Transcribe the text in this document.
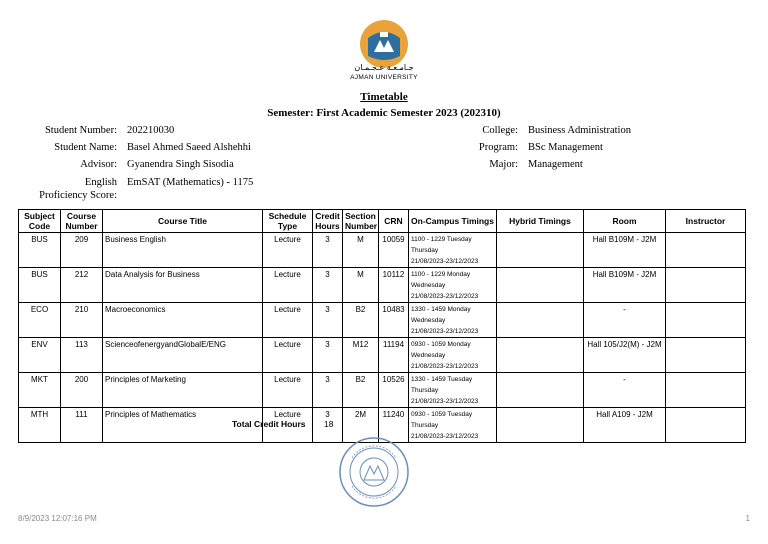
جـامـعـة عـجـمـان
AJMAN UNIVERSITY
Timetable
Semester: First Academic Semester 2023 (202310)
Student Number: 202210030
Student Name: Basel Ahmed Saeed Alshehhi
Advisor: Gyanendra Singh Sisodia
English
Proficiency Score:
EmSAT (Mathematics) - 1175
College: Business Administration
Program: BSc Management
Major: Management
Subject Code	Course Number	Course Title	Schedule Type	Credit Hours	Section Number	CRN	On-Campus Timings	Hybrid Timings	Room	Instructor
BUS	209	Business English	Lecture	3	M	10059	1100 - 1229 Tuesday
Thursday
21/08/2023-23/12/2023		Hall B109M - J2M	
BUS	212	Data Analysis for Business	Lecture	3	M	10112	1100 - 1229 Monday
Wednesday
21/08/2023-23/12/2023		Hall B109M - J2M	
ECO	210	Macroeconomics	Lecture	3	B2	10483	1330 - 1459 Monday
Wednesday
21/08/2023-23/12/2023		-	
ENV	113	ScienceofenergyandGlobalE/ENG	Lecture	3	M12	11194	0930 - 1059 Monday
Wednesday
21/08/2023-23/12/2023		Hall 105/J2(M) - J2M	
MKT	200	Principles of Marketing	Lecture	3	B2	10526	1330 - 1459 Tuesday
Thursday
21/08/2023-23/12/2023		-	
MTH	111	Principles of Mathematics	Lecture	3	2M	11240	0930 - 1059 Tuesday
Thursday
21/08/2023-23/12/2023		Hall A109 - J2M	
Total Credit Hours 18
8/9/2023 12:07:16 PM	1
